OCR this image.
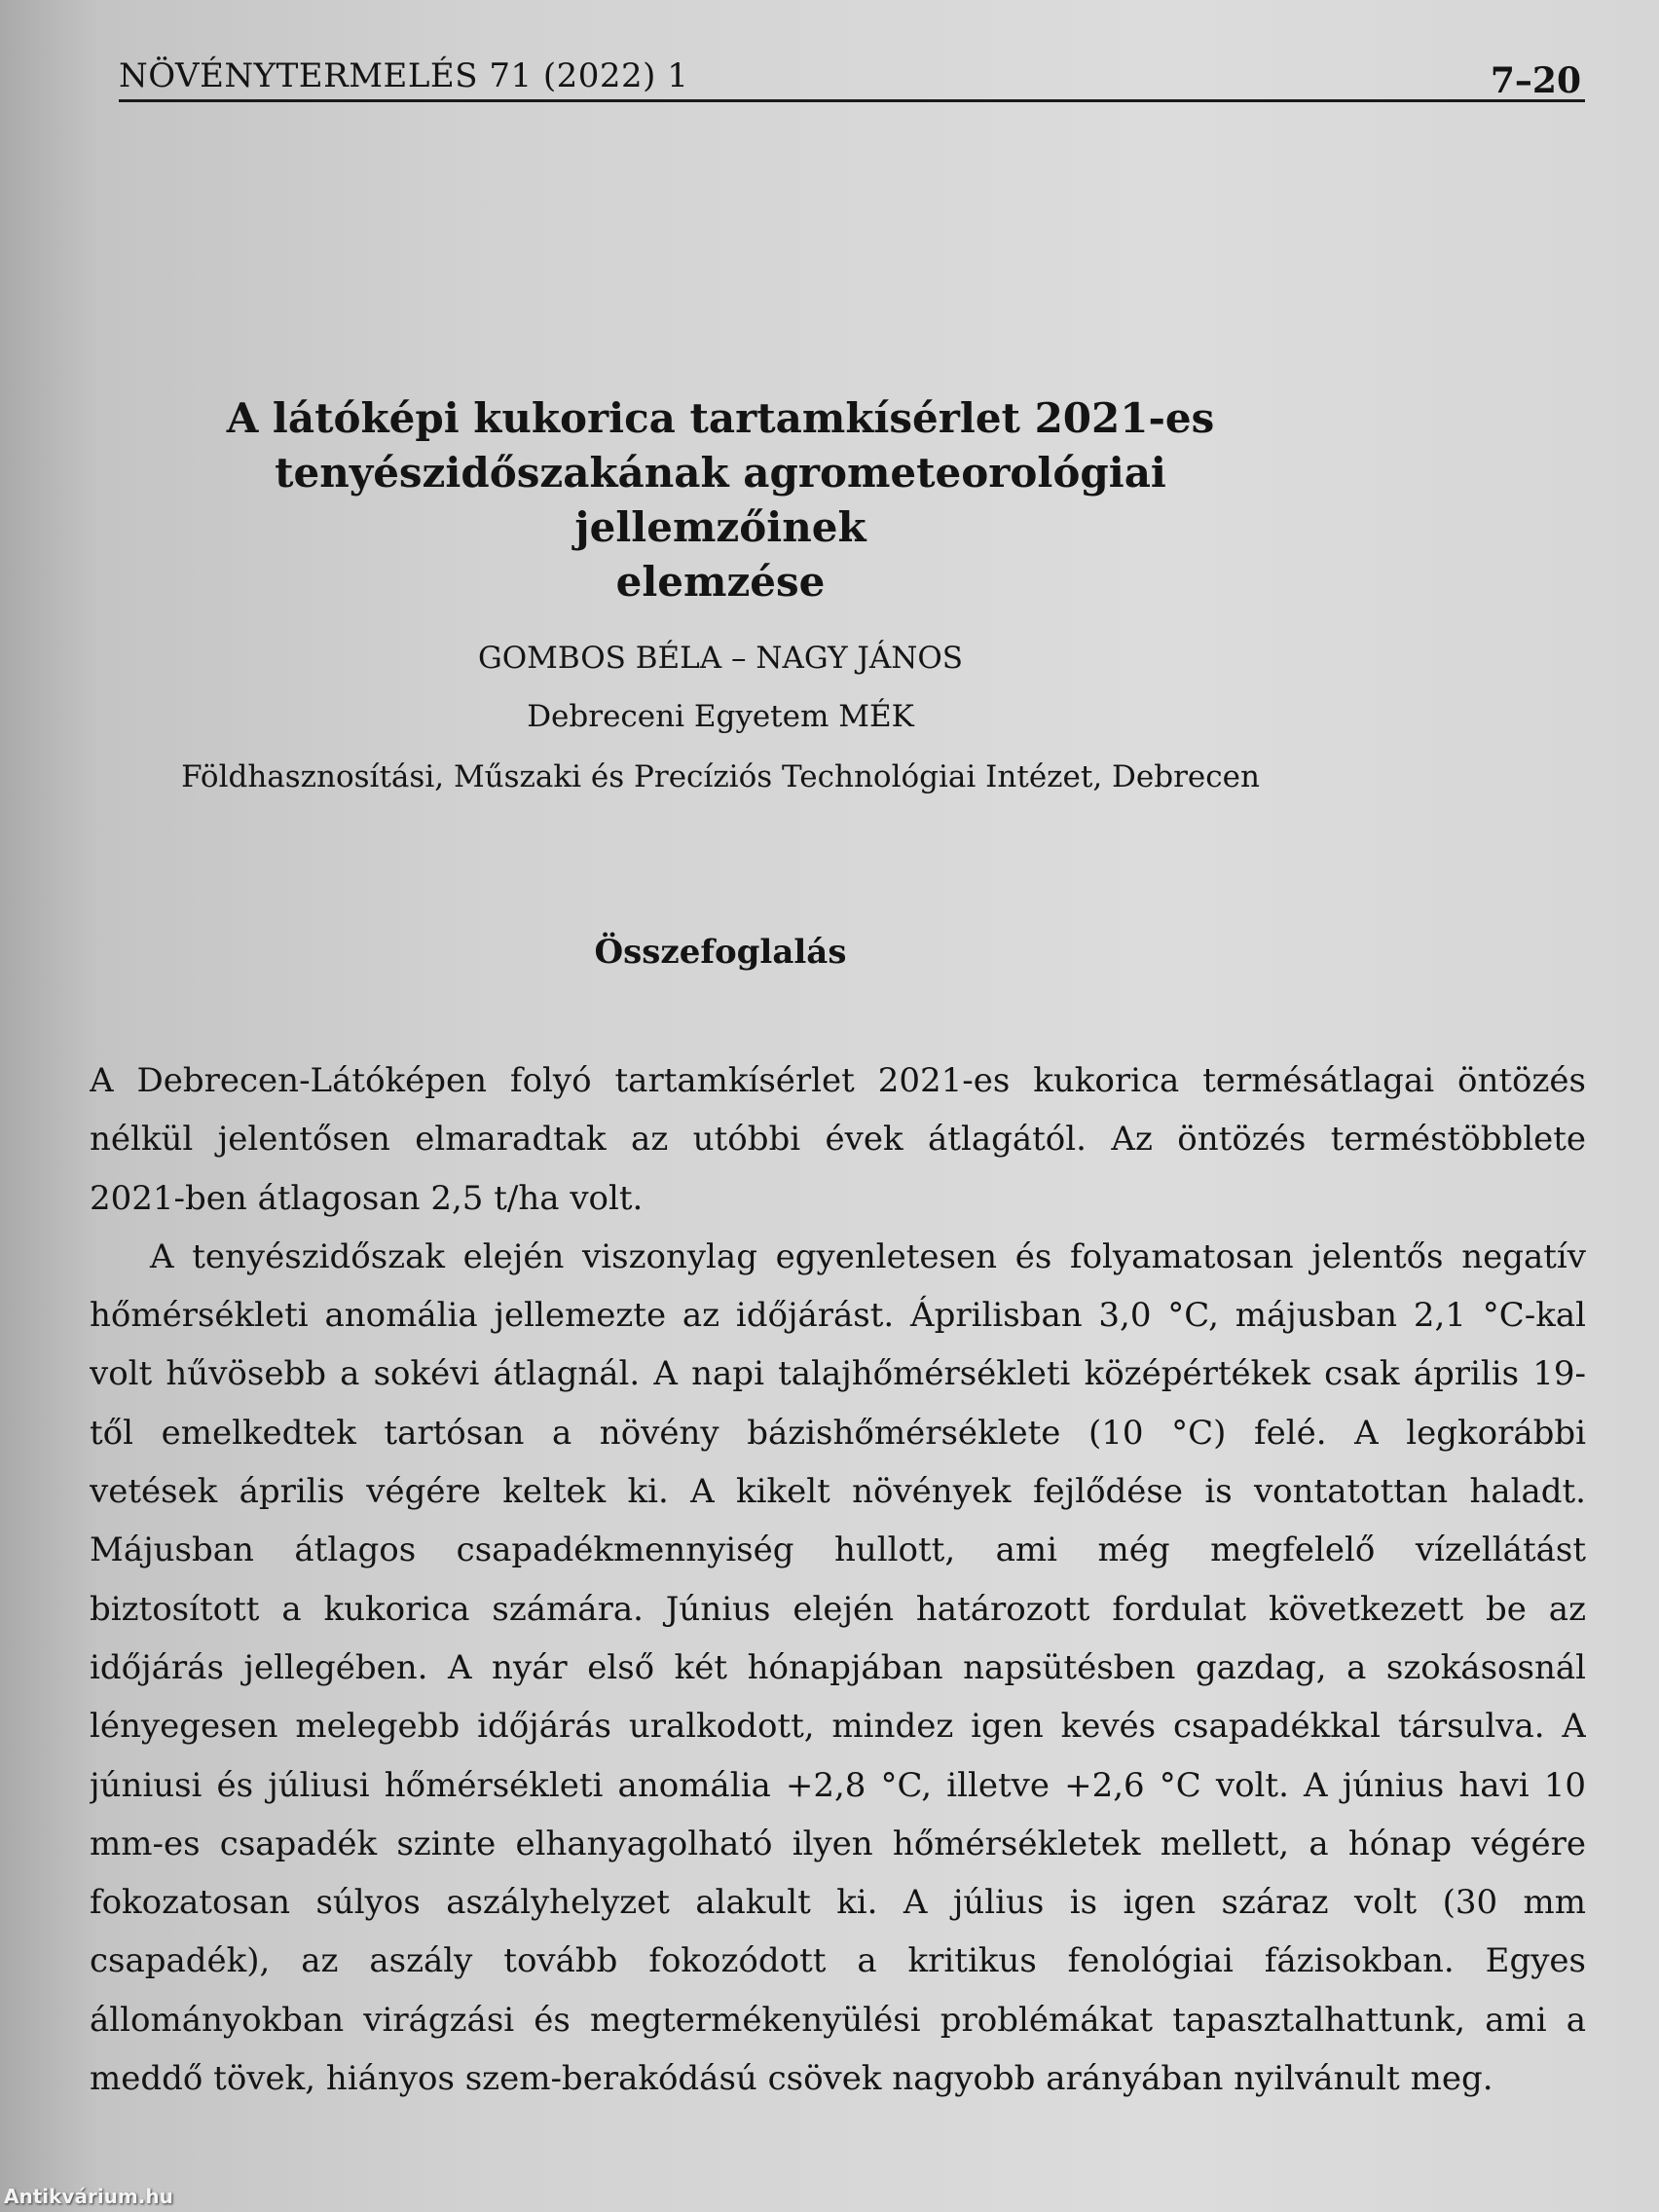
NÖVÉNYTERMELÉS 71 (2022) 1	7–20
A látóképi kukorica tartamkísérlet 2021-es
tenyészidőszakának agrometeorológiai jellemzőinek
elemzése
GOMBOS BÉLA – NAGY JÁNOS
Debreceni Egyetem MÉK
Földhasznosítási, Műszaki és Precíziós Technológiai Intézet, Debrecen
Összefoglalás
A Debrecen-Látóképen folyó tartamkísérlet 2021-es kukorica termésátlagai öntözés
nélkül jelentősen elmaradtak az utóbbi évek átlagától. Az öntözés terméstöbblete
2021-ben átlagosan 2,5 t/ha volt.
A tenyészidőszak elején viszonylag egyenletesen és folyamatosan jelentős negatív
hőmérsékleti anomália jellemezte az időjárást. Áprilisban 3,0 °C, májusban 2,1 °C-kal
volt hűvösebb a sokévi átlagnál. A napi talajhőmérsékleti középértékek csak április 19-
től emelkedtek tartósan a növény bázishőmérséklete (10 °C) felé. A legkorábbi
vetések április végére keltek ki. A kikelt növények fejlődése is vontatottan haladt.
Májusban átlagos csapadékmennyiség hullott, ami még megfelelő vízellátást
biztosított a kukorica számára. Június elején határozott fordulat következett be az
időjárás jellegében. A nyár első két hónapjában napsütésben gazdag, a szokásosnál
lényegesen melegebb időjárás uralkodott, mindez igen kevés csapadékkal társulva. A
júniusi és júliusi hőmérsékleti anomália +2,8 °C, illetve +2,6 °C volt. A június havi 10
mm-es csapadék szinte elhanyagolható ilyen hőmérsékletek mellett, a hónap végére
fokozatosan súlyos aszályhelyzet alakult ki. A július is igen száraz volt (30 mm
csapadék), az aszály tovább fokozódott a kritikus fenológiai fázisokban. Egyes
állományokban virágzási és megtermékenyülési problémákat tapasztalhattunk, ami a
meddő tövek, hiányos szem-berakódású csövek nagyobb arányában nyilvánult meg.
Antikvárium.hu
